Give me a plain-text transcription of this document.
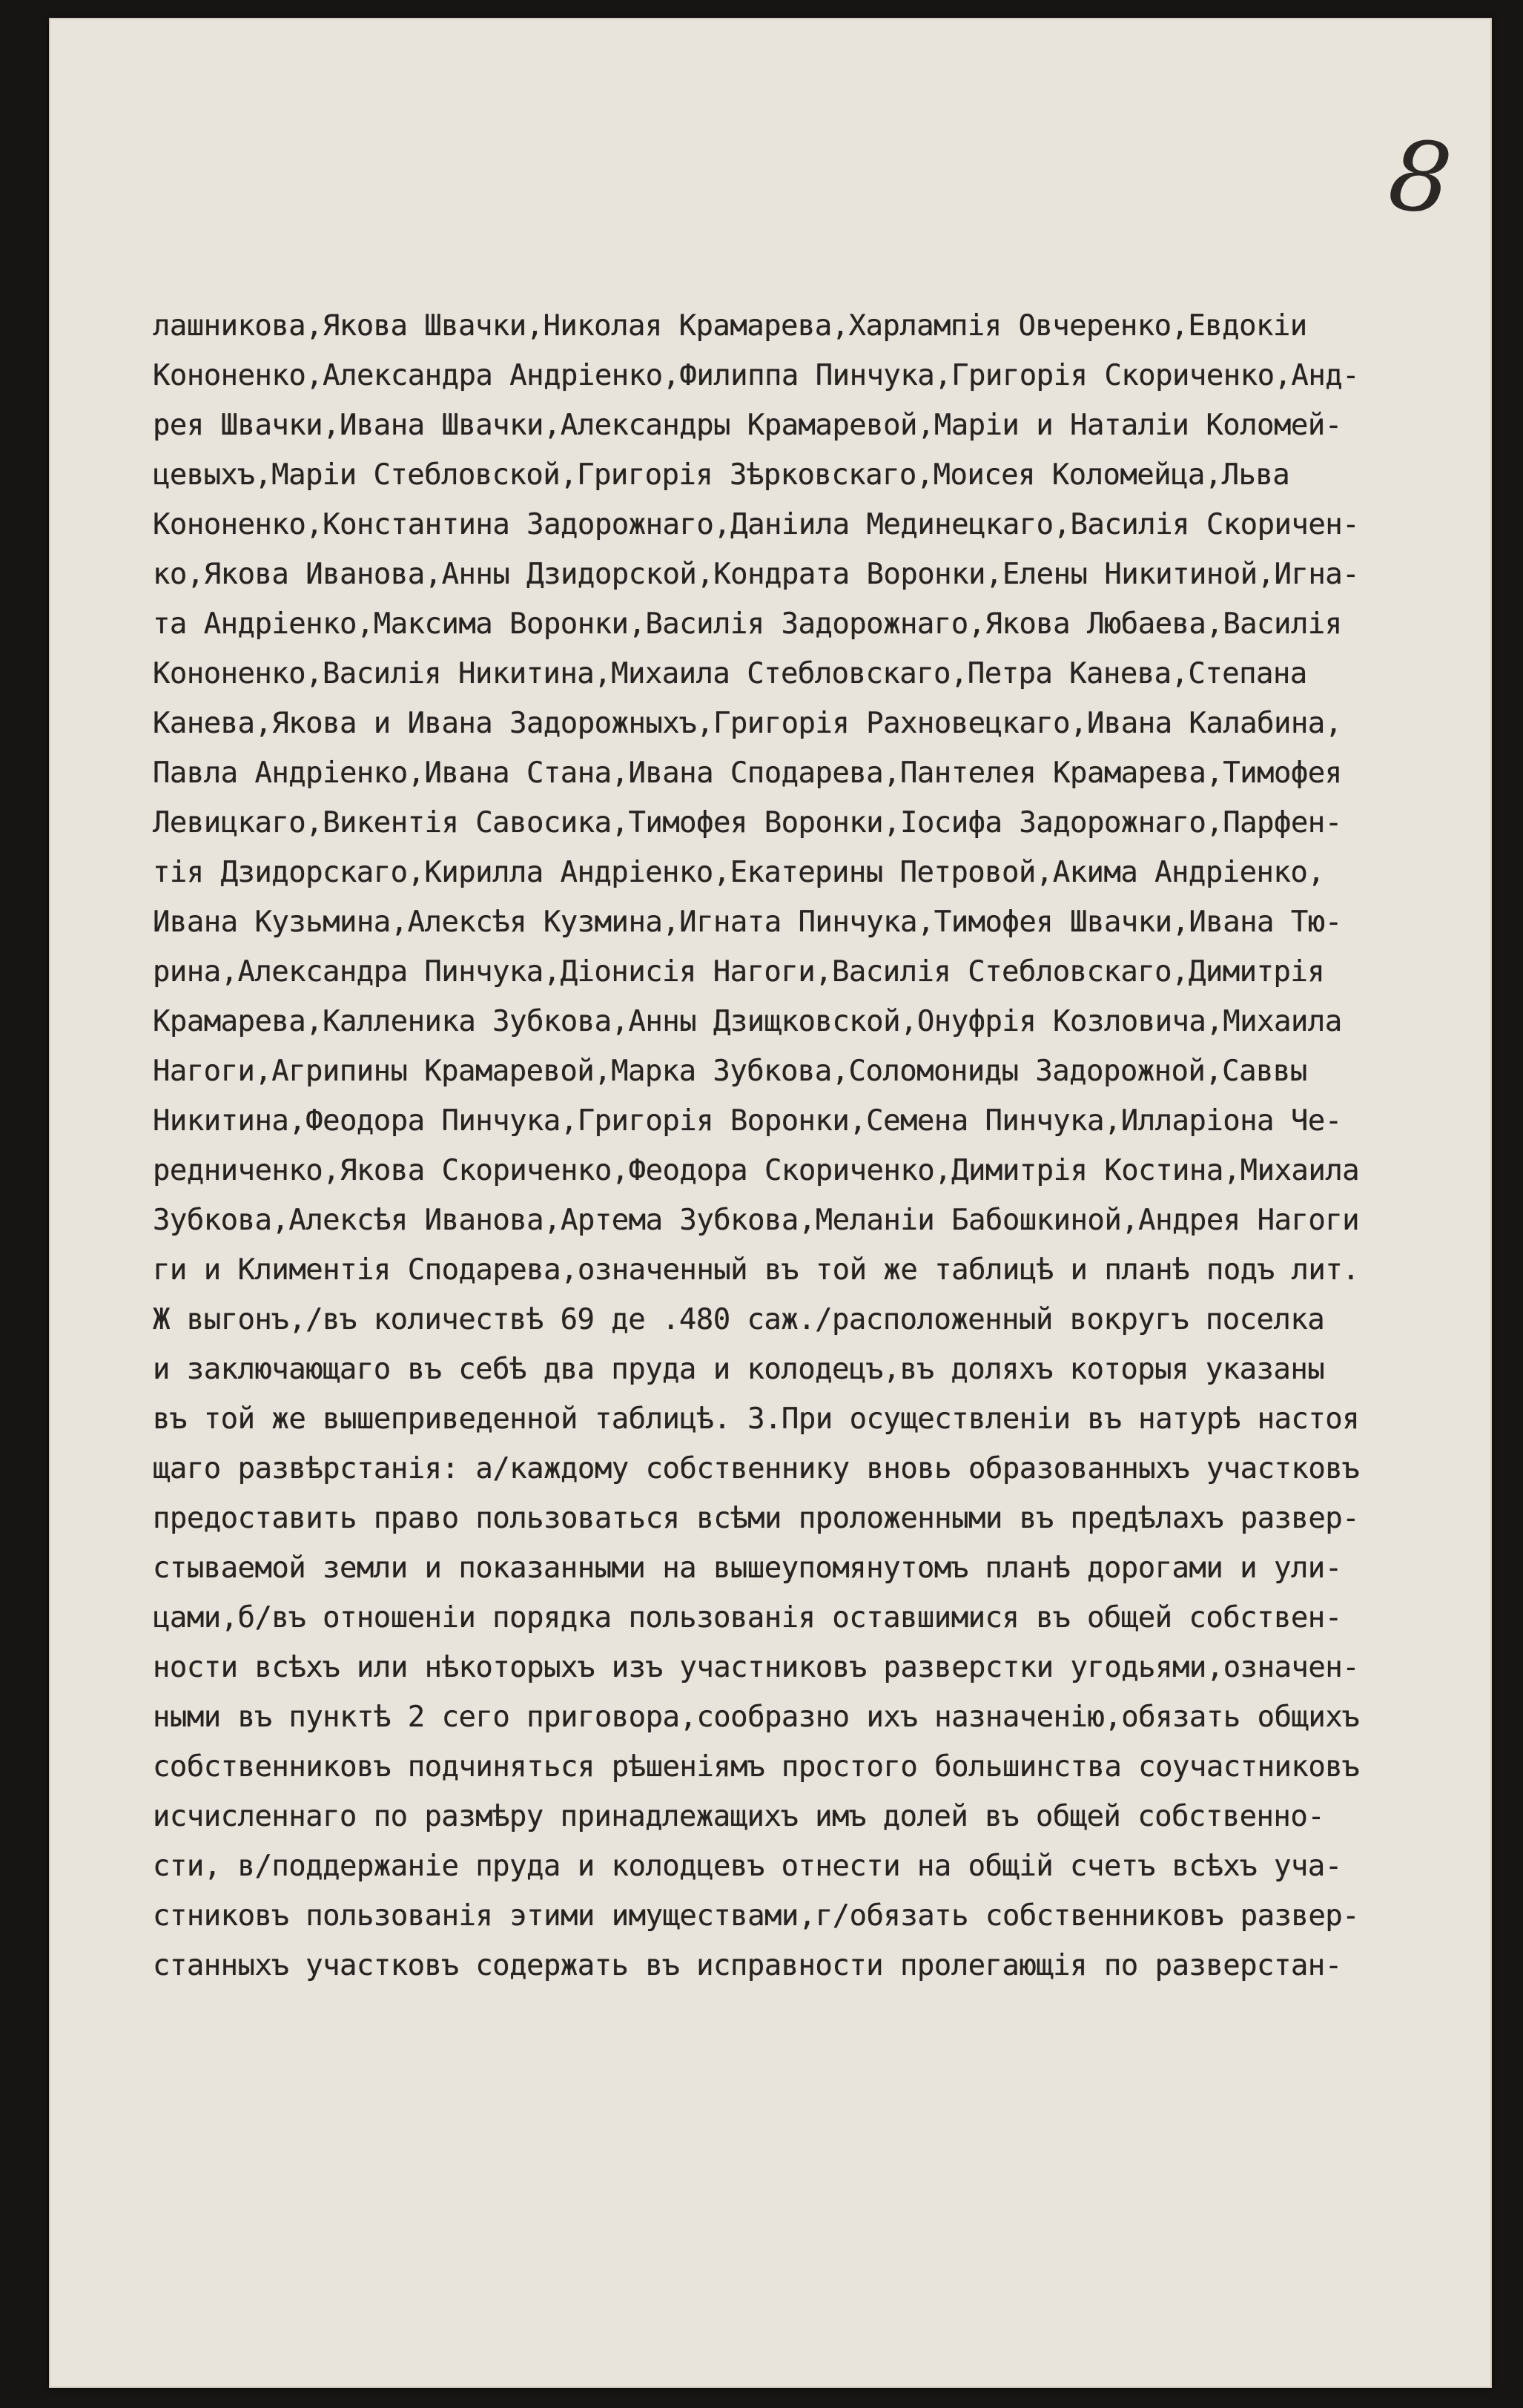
8
лашникова,Якова Швачки,Николая Крамарева,Харлампія Овчеренко,Евдокіи
Кононенко,Александра Андріенко,Филиппа Пинчука,Григорія Скориченко,Анд-
рея Швачки,Ивана Швачки,Александры Крамаревой,Маріи и Наталіи Коломей-
цевыхъ,Маріи Стебловской,Григорія Зѣрковскаго,Моисея Коломейца,Льва
Кононенко,Константина Задорожнаго,Даніила Мединецкаго,Василія Скоричен-
ко,Якова Иванова,Анны Дзидорской,Кондрата Воронки,Елены Никитиной,Игна-
та Андріенко,Максима Воронки,Василія Задорожнаго,Якова Любаева,Василія
Кононенко,Василія Никитина,Михаила Стебловскаго,Петра Канева,Степана
Канева,Якова и Ивана Задорожныхъ,Григорія Рахновецкаго,Ивана Калабина,
Павла Андріенко,Ивана Стана,Ивана Сподарева,Пантелея Крамарева,Тимофея
Левицкаго,Викентія Савосика,Тимофея Воронки,Іосифа Задорожнаго,Парфен-
тія Дзидорскаго,Кирилла Андріенко,Екатерины Петровой,Акима Андріенко,
Ивана Кузьмина,Алексѣя Кузмина,Игната Пинчука,Тимофея Швачки,Ивана Тю-
рина,Александра Пинчука,Діонисія Нагоги,Василія Стебловскаго,Димитрія
Крамарева,Калленика Зубкова,Анны Дзищковской,Онуфрія Козловича,Михаила
Нагоги,Агрипины Крамаревой,Марка Зубкова,Соломониды Задорожной,Саввы
Никитина,Феодора Пинчука,Григорія Воронки,Семена Пинчука,Илларіона Че-
редниченко,Якова Скориченко,Феодора Скориченко,Димитрія Костина,Михаила
Зубкова,Алексѣя Иванова,Артема Зубкова,Меланіи Бабошкиной,Андрея Нагоги
ги и Климентія Сподарева,означенный въ той же таблицѣ и планѣ подъ лит.
Ж выгонъ,/въ количествѣ 69 де .480 саж./расположенный вокругъ поселка
и заключающаго въ себѣ два пруда и колодецъ,въ доляхъ которыя указаны
въ той же вышеприведенной таблицѣ. 3.При осуществленіи въ натурѣ настоя
щаго развѣрстанія: а/каждому собственнику вновь образованныхъ участковъ
предоставить право пользоваться всѣми проложенными въ предѣлахъ развер-
стываемой земли и показанными на вышеупомянутомъ планѣ дорогами и ули-
цами,б/въ отношеніи порядка пользованія оставшимися въ общей собствен-
ности всѣхъ или нѣкоторыхъ изъ участниковъ разверстки угодьями,означен-
ными въ пунктѣ 2 сего приговора,сообразно ихъ назначенію,обязать общихъ
собственниковъ подчиняться рѣшеніямъ простого большинства соучастниковъ
исчисленнаго по размѣру принадлежащихъ имъ долей въ общей собственно-
сти, в/поддержаніе пруда и колодцевъ отнести на общій счетъ всѣхъ уча-
стниковъ пользованія этими имуществами,г/обязать собственниковъ развер-
станныхъ участковъ содержать въ исправности пролегающія по разверстан-
